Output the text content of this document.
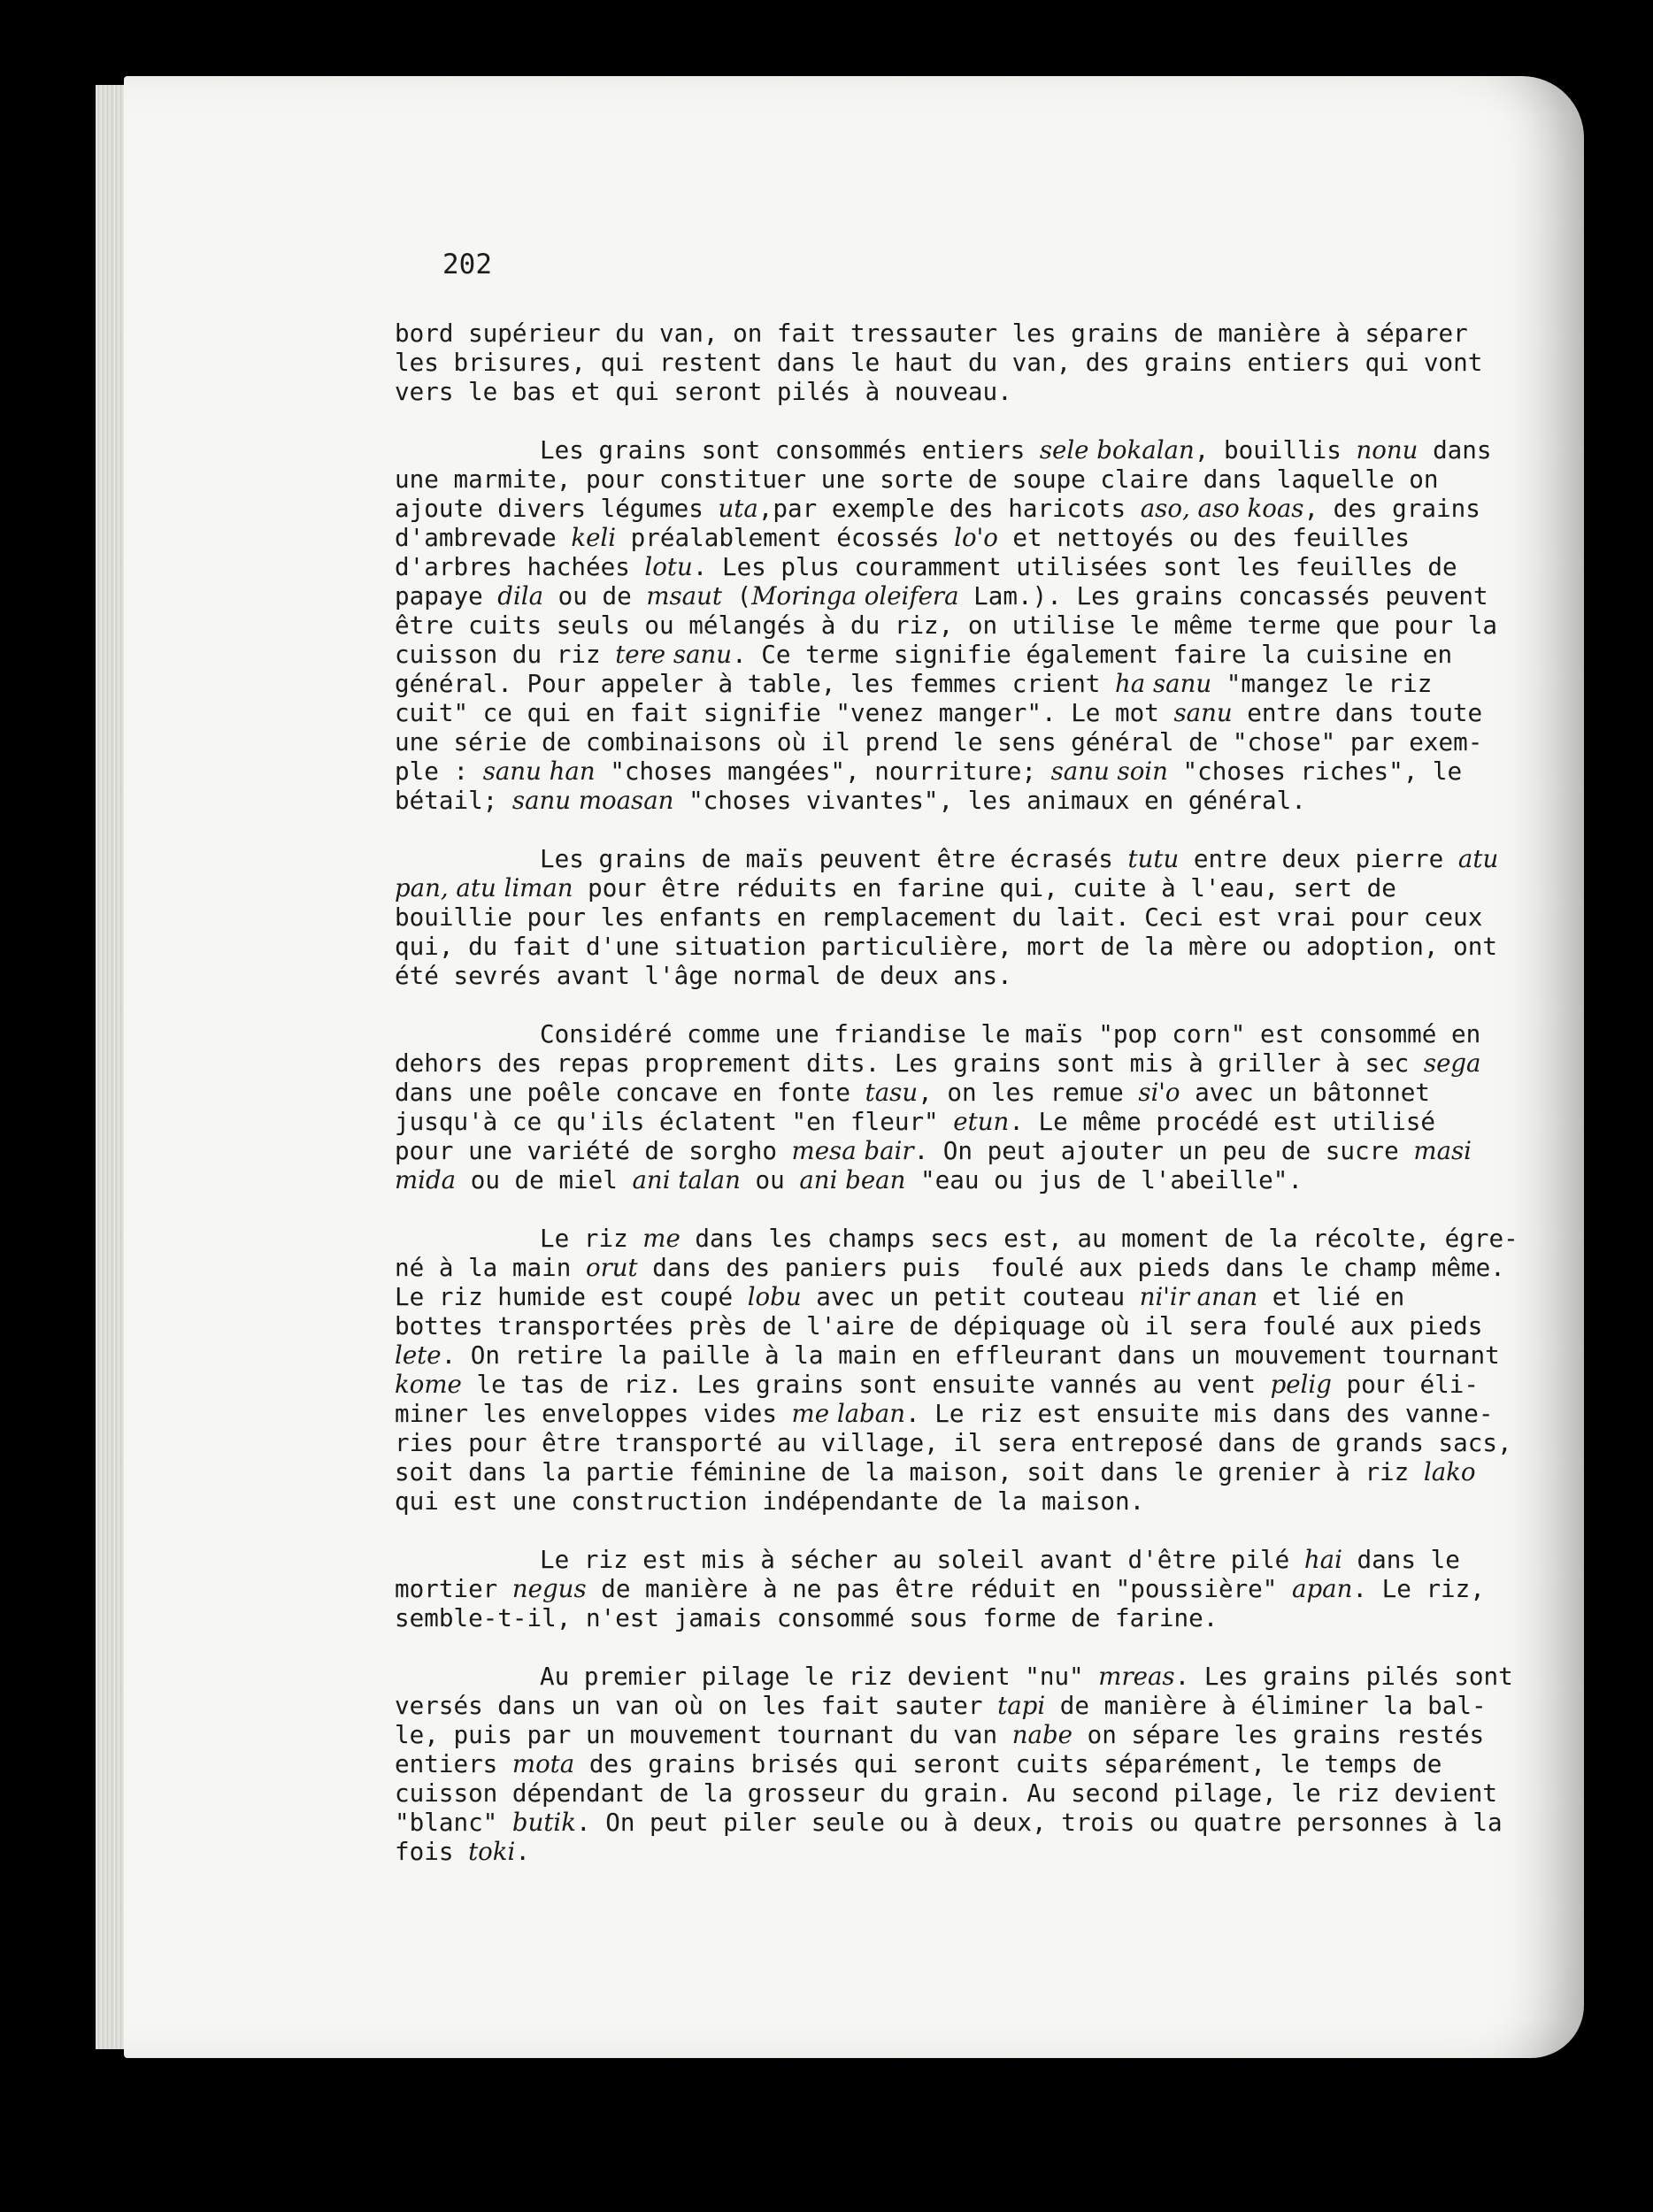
202
bord supérieur du van, on fait tressauter les grains de manière à séparer
les brisures, qui restent dans le haut du van, des grains entiers qui vont
vers le bas et qui seront pilés à nouveau.
Les grains sont consommés entiers sele bokalan, bouillis nonu dans
une marmite, pour constituer une sorte de soupe claire dans laquelle on
ajoute divers légumes uta,par exemple des haricots aso, aso koas, des grains
d'ambrevade keli préalablement écossés lo'o et nettoyés ou des feuilles
d'arbres hachées lotu. Les plus couramment utilisées sont les feuilles de
papaye dila ou de msaut (Moringa oleifera Lam.). Les grains concassés peuvent
être cuits seuls ou mélangés à du riz, on utilise le même terme que pour la
cuisson du riz tere sanu. Ce terme signifie également faire la cuisine en
général. Pour appeler à table, les femmes crient ha sanu "mangez le riz
cuit" ce qui en fait signifie "venez manger". Le mot sanu entre dans toute
une série de combinaisons où il prend le sens général de "chose" par exem-
ple : sanu han "choses mangées", nourriture; sanu soin "choses riches", le
bétail; sanu moasan "choses vivantes", les animaux en général.
Les grains de maïs peuvent être écrasés tutu entre deux pierre atu
pan, atu liman pour être réduits en farine qui, cuite à l'eau, sert de
bouillie pour les enfants en remplacement du lait. Ceci est vrai pour ceux
qui, du fait d'une situation particulière, mort de la mère ou adoption, ont
été sevrés avant l'âge normal de deux ans.
Considéré comme une friandise le maïs "pop corn" est consommé en
dehors des repas proprement dits. Les grains sont mis à griller à sec sega
dans une poêle concave en fonte tasu, on les remue si'o avec un bâtonnet
jusqu'à ce qu'ils éclatent "en fleur" etun. Le même procédé est utilisé
pour une variété de sorgho mesa bair. On peut ajouter un peu de sucre masi
mida ou de miel ani talan ou ani bean "eau ou jus de l'abeille".
Le riz me dans les champs secs est, au moment de la récolte, égre-
né à la main orut dans des paniers puis  foulé aux pieds dans le champ même.
Le riz humide est coupé lobu avec un petit couteau ni'ir anan et lié en
bottes transportées près de l'aire de dépiquage où il sera foulé aux pieds
lete. On retire la paille à la main en effleurant dans un mouvement tournant
kome le tas de riz. Les grains sont ensuite vannés au vent pelig pour éli-
miner les enveloppes vides me laban. Le riz est ensuite mis dans des vanne-
ries pour être transporté au village, il sera entreposé dans de grands sacs,
soit dans la partie féminine de la maison, soit dans le grenier à riz lako
qui est une construction indépendante de la maison.
Le riz est mis à sécher au soleil avant d'être pilé hai dans le
mortier negus de manière à ne pas être réduit en "poussière" apan. Le riz,
semble-t-il, n'est jamais consommé sous forme de farine.
Au premier pilage le riz devient "nu" mreas. Les grains pilés sont
versés dans un van où on les fait sauter tapi de manière à éliminer la bal-
le, puis par un mouvement tournant du van nabe on sépare les grains restés
entiers mota des grains brisés qui seront cuits séparément, le temps de
cuisson dépendant de la grosseur du grain. Au second pilage, le riz devient
"blanc" butik. On peut piler seule ou à deux, trois ou quatre personnes à la
fois toki.
